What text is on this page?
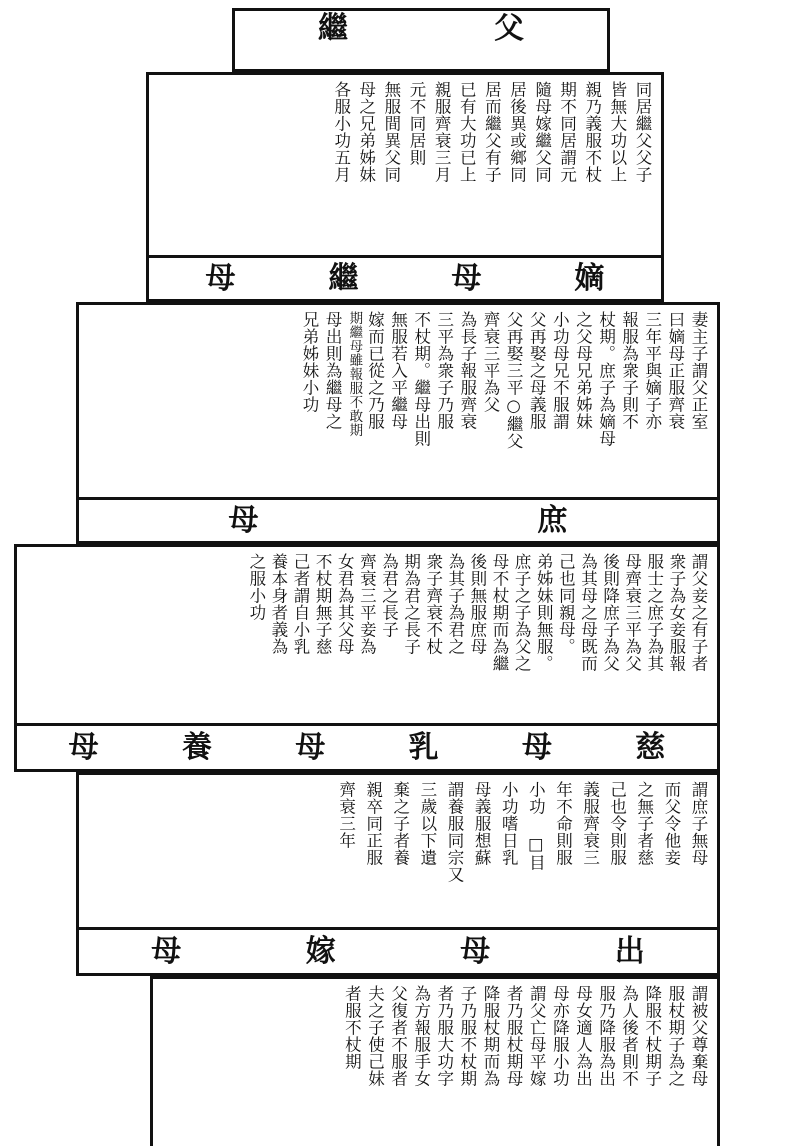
父
繼
同居繼父父子
皆無大功以上
親乃義服不杖
期不同居謂元
隨母嫁繼父同
居後異或鄉同
居而繼父有子
已有大功已上
親服齊衰三月
元不同居則
無服間異父同
母之兄弟姊妹
各服小功五月
嫡
母
繼
母
妻主子謂父正室
曰嫡母正服齊衰
三年平與嫡子亦
報服為衆子則不
杖期。庶子為嫡母
之父母兄弟姊妹
小功母兄不服謂
父再娶之母義服
父再娶三平○繼父
齊衰三平為父
為長子報服齊衰
三平為衆子乃服
不杖期。繼母出則
無服若入平繼母
嫁而已從之乃服
期繼母雖報服不敢期
母出則為繼母之
兄弟姊妹小功
庶
母
謂父妾之有子者
衆子為女妾服報
服士之庶子為其
母齊衰三平為父
後則降庶子為父
為其母之母既而
己也同親母。
弟姊妹則無服。
庶子之子為父之
母不杖期而為繼
後則無服庶母
為其子為君之
衆子齊衰不杖
期為君之長子
為君之長子
齊衰三平妾為
女君為其父母
不杖期無子慈
己者謂自小乳
養本身者義為
之服小功
慈
母
乳
母
養
母
謂庶子無母
而父令他妾
之無子者慈
己也令則服
義服齊衰三
年不命則服
小功 □目
小功嗜日乳
母義服想蘇
謂養服同宗又
三歲以下遺
棄之子者養
親卒同正服
齊衰三年
出
母
嫁
母
謂被父尊棄母
服杖期子為之
降服不杖期子
為人後者則不
服乃降服為出
母女適人為出
母亦降服小功
謂父亡母平嫁
者乃服杖期母
降服杖期而為
子乃服不杖期
者乃服大功字
為方報服手女
父復者不服者
夫之子使己妹
者服不杖期
